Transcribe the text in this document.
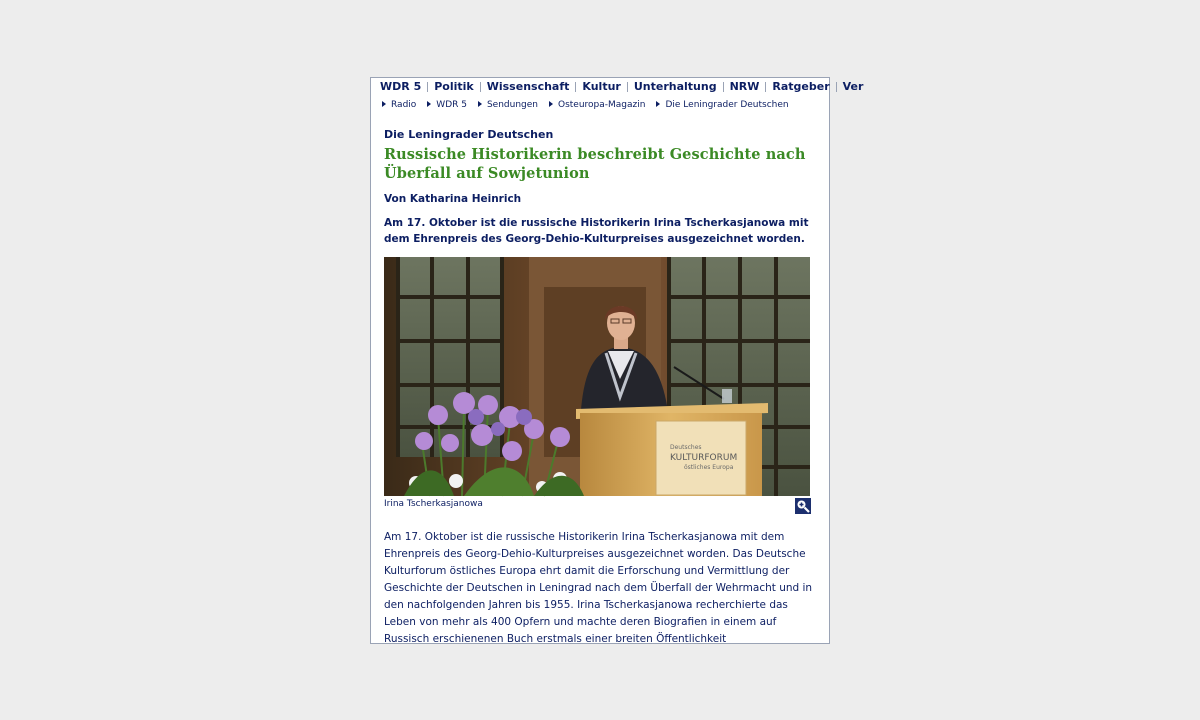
WDR 5 Politik Wissenschaft Kultur Unterhaltung NRW Ratgeber Ver
Radio WDR 5 Sendungen Osteuropa-Magazin Die Leningrader Deutschen
Die Leningrader Deutschen
Russische Historikerin beschreibt Geschichte nach Überfall auf Sowjetunion
Von Katharina Heinrich
Am 17. Oktober ist die russische Historikerin Irina Tscherkasjanowa mit dem Ehrenpreis des Georg-Dehio-Kulturpreises ausgezeichnet worden.
Deutsches
KULTURFORUM
östliches Europa
Irina Tscherkasjanowa
Am 17. Oktober ist die russische Historikerin Irina Tscherkasjanowa mit dem Ehrenpreis des Georg-Dehio-Kulturpreises ausgezeichnet worden. Das Deutsche Kulturforum östliches Europa ehrt damit die Erforschung und Vermittlung der Geschichte der Deutschen in Leningrad nach dem Überfall der Wehrmacht und in den nachfolgenden Jahren bis 1955. Irina Tscherkasjanowa recherchierte das Leben von mehr als 400 Opfern und machte deren Biografien in einem auf Russisch erschienenen Buch erstmals einer breiten Öffentlichkeit
